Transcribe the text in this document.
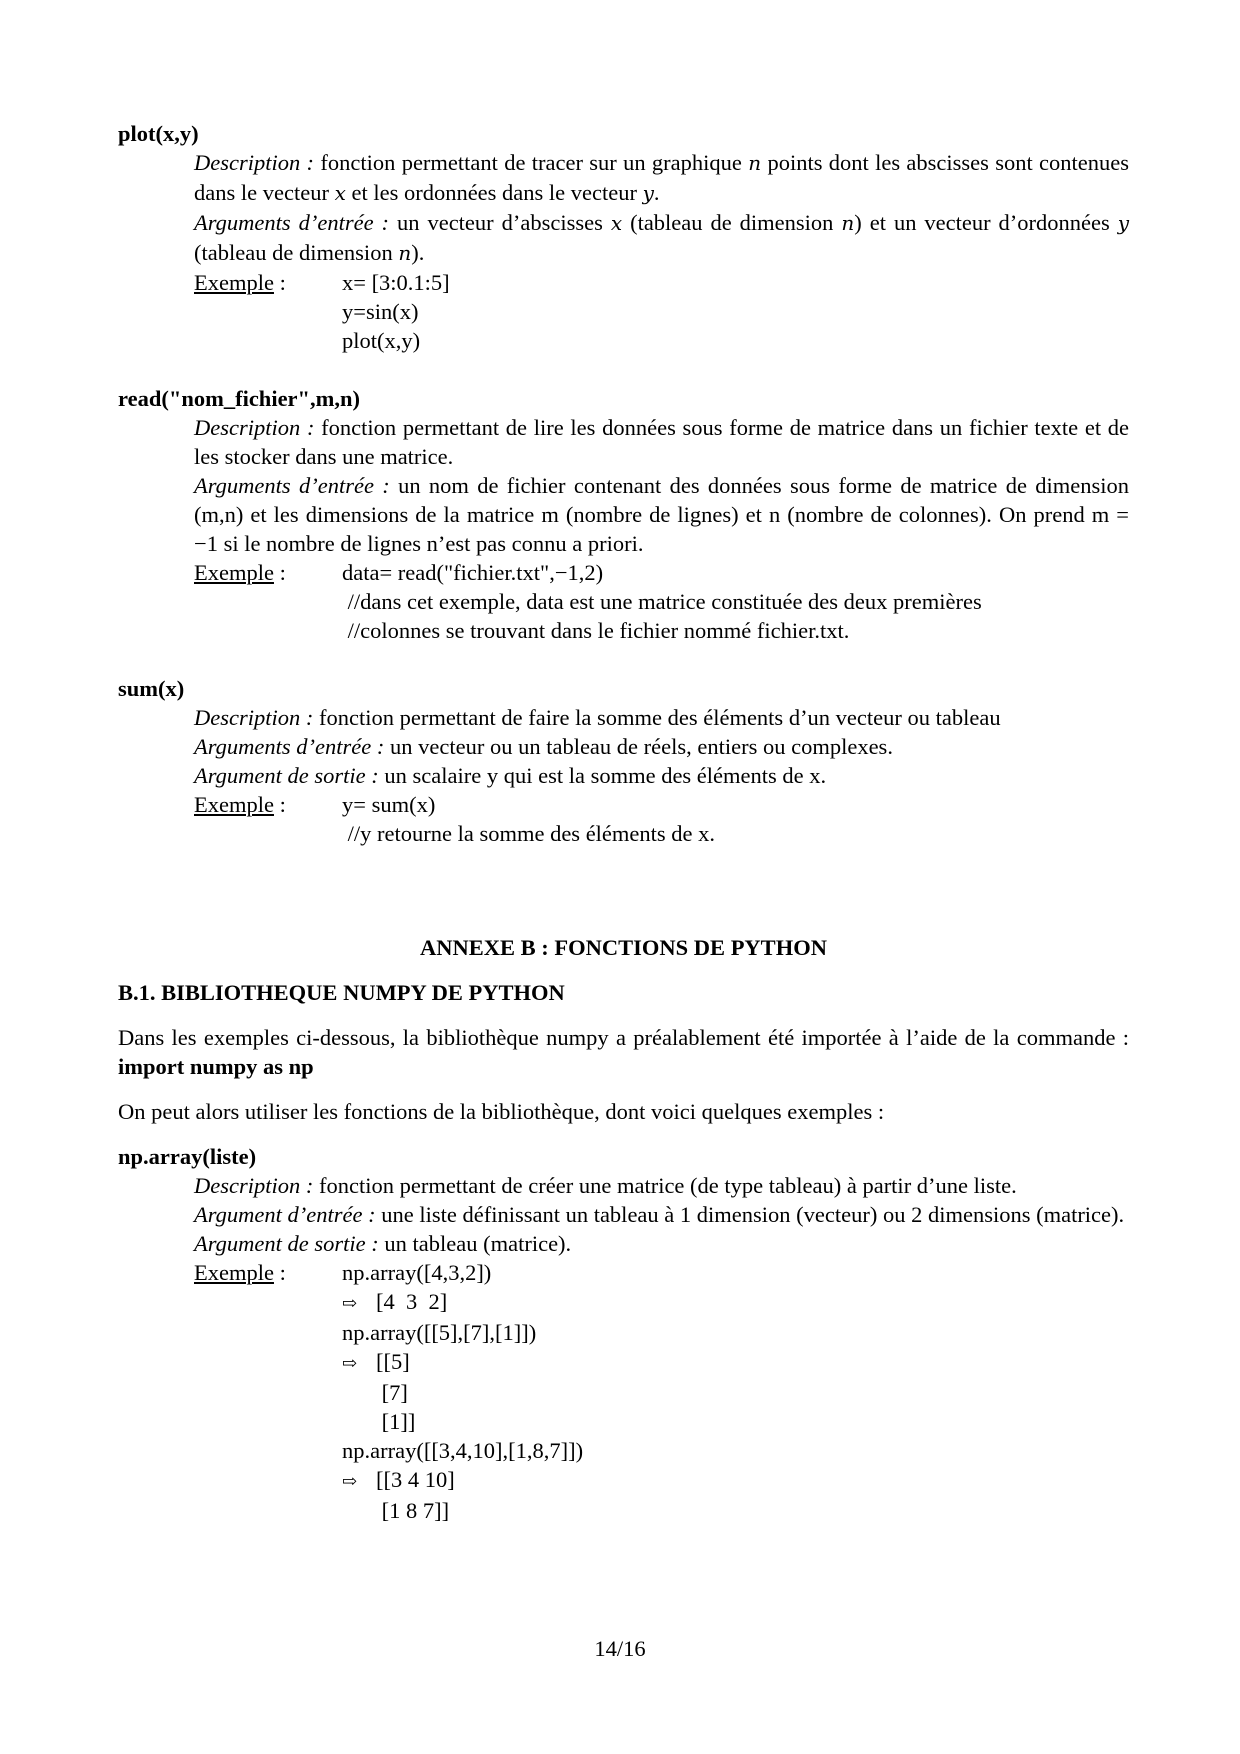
plot(x,y)

Description : fonction permettant de tracer sur un graphique n points dont les abscisses sont contenues dans le vecteur x et les ordonnées dans le vecteur y.
Arguments d’entrée : un vecteur d’abscisses x (tableau de dimension n) et un vecteur d’ordonnées y (tableau de dimension n).
Exemple :	x= [3:0.1:5]
y=sin(x)
plot(x,y)

read("nom_fichier",m,n)

Description : fonction permettant de lire les données sous forme de matrice dans un fichier texte et de les stocker dans une matrice.
Arguments d’entrée : un nom de fichier contenant des données sous forme de matrice de dimension (m,n) et les dimensions de la matrice m (nombre de lignes) et n (nombre de colonnes). On prend m = −1 si le nombre de lignes n’est pas connu a priori.
Exemple :	data= read("fichier.txt",−1,2)
//dans cet exemple, data est une matrice constituée des deux premières
//colonnes se trouvant dans le fichier nommé fichier.txt.

sum(x)

Description : fonction permettant de faire la somme des éléments d’un vecteur ou tableau
Arguments d’entrée : un vecteur ou un tableau de réels, entiers ou complexes.
Argument de sortie : un scalaire y qui est la somme des éléments de x.
Exemple :	y= sum(x)
//y retourne la somme des éléments de x.
ANNEXE B : FONCTIONS DE PYTHON
B.1. BIBLIOTHEQUE NUMPY DE PYTHON
Dans les exemples ci-dessous, la bibliothèque numpy a préalablement été importée à l’aide de la commande : import numpy as np
On peut alors utiliser les fonctions de la bibliothèque, dont voici quelques exemples :

np.array(liste)

Description : fonction permettant de créer une matrice (de type tableau) à partir d’une liste.
Argument d’entrée : une liste définissant un tableau à 1 dimension (vecteur) ou 2 dimensions (matrice).
Argument de sortie : un tableau (matrice).
Exemple :	np.array([4,3,2])
⇨ [4  3  2]
np.array([[5],[7],[1]])
⇨ [[5]
[7]
[1]]
np.array([[3,4,10],[1,8,7]])
⇨ [[3 4 10]
[1 8 7]]
14/16
